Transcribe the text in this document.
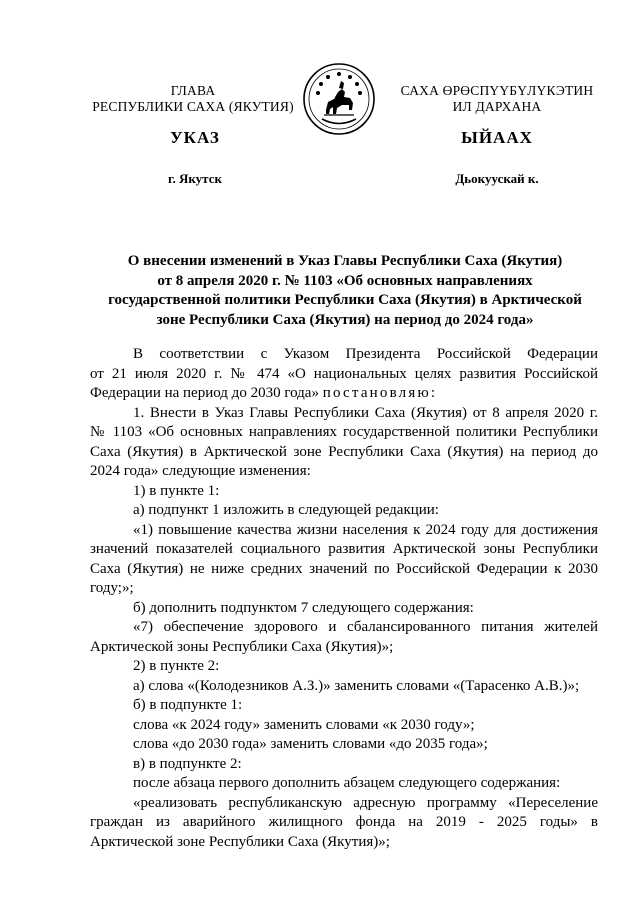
ГЛАВА
РЕСПУБЛИКИ САХА (ЯКУТИЯ)
САХА ӨРӨСПҮҮБҮЛҮКЭТИН
ИЛ ДАРХАНА
УКАЗ	ЫЙААХ
г. Якутск	Дьокуускай к.
О внесении изменений в Указ Главы Республики Саха (Якутия)
от 8 апреля 2020 г. № 1103 «Об основных направлениях
государственной политики Республики Саха (Якутия) в Арктической
зоне Республики Саха (Якутия) на период до 2024 года»
В соответствии с Указом Президента Российской Федерации
от 21 июля 2020 г. № 474 «О национальных целях развития Российской
Федерации на период до 2030 года» постановляю:
1. Внести в Указ Главы Республики Саха (Якутия) от 8 апреля 2020 г.
№ 1103 «Об основных направлениях государственной политики Республики
Саха (Якутия) в Арктической зоне Республики Саха (Якутия) на период до
2024 года» следующие изменения:
1) в пункте 1:
а) подпункт 1 изложить в следующей редакции:
«1) повышение качества жизни населения к 2024 году для достижения
значений показателей социального развития Арктической зоны Республики
Саха (Якутия) не ниже средних значений по Российской Федерации к 2030
году;»;
б) дополнить подпунктом 7 следующего содержания:
«7) обеспечение здорового и сбалансированного питания жителей
Арктической зоны Республики Саха (Якутия)»;
2) в пункте 2:
а) слова «(Колодезников А.З.)» заменить словами «(Тарасенко А.В.)»;
б) в подпункте 1:
слова «к 2024 году» заменить словами «к 2030 году»;
слова «до 2030 года» заменить словами «до 2035 года»;
в) в подпункте 2:
после абзаца первого дополнить абзацем следующего содержания:
«реализовать республиканскую адресную программу «Переселение
граждан из аварийного жилищного фонда на 2019 - 2025 годы» в
Арктической зоне Республики Саха (Якутия)»;
